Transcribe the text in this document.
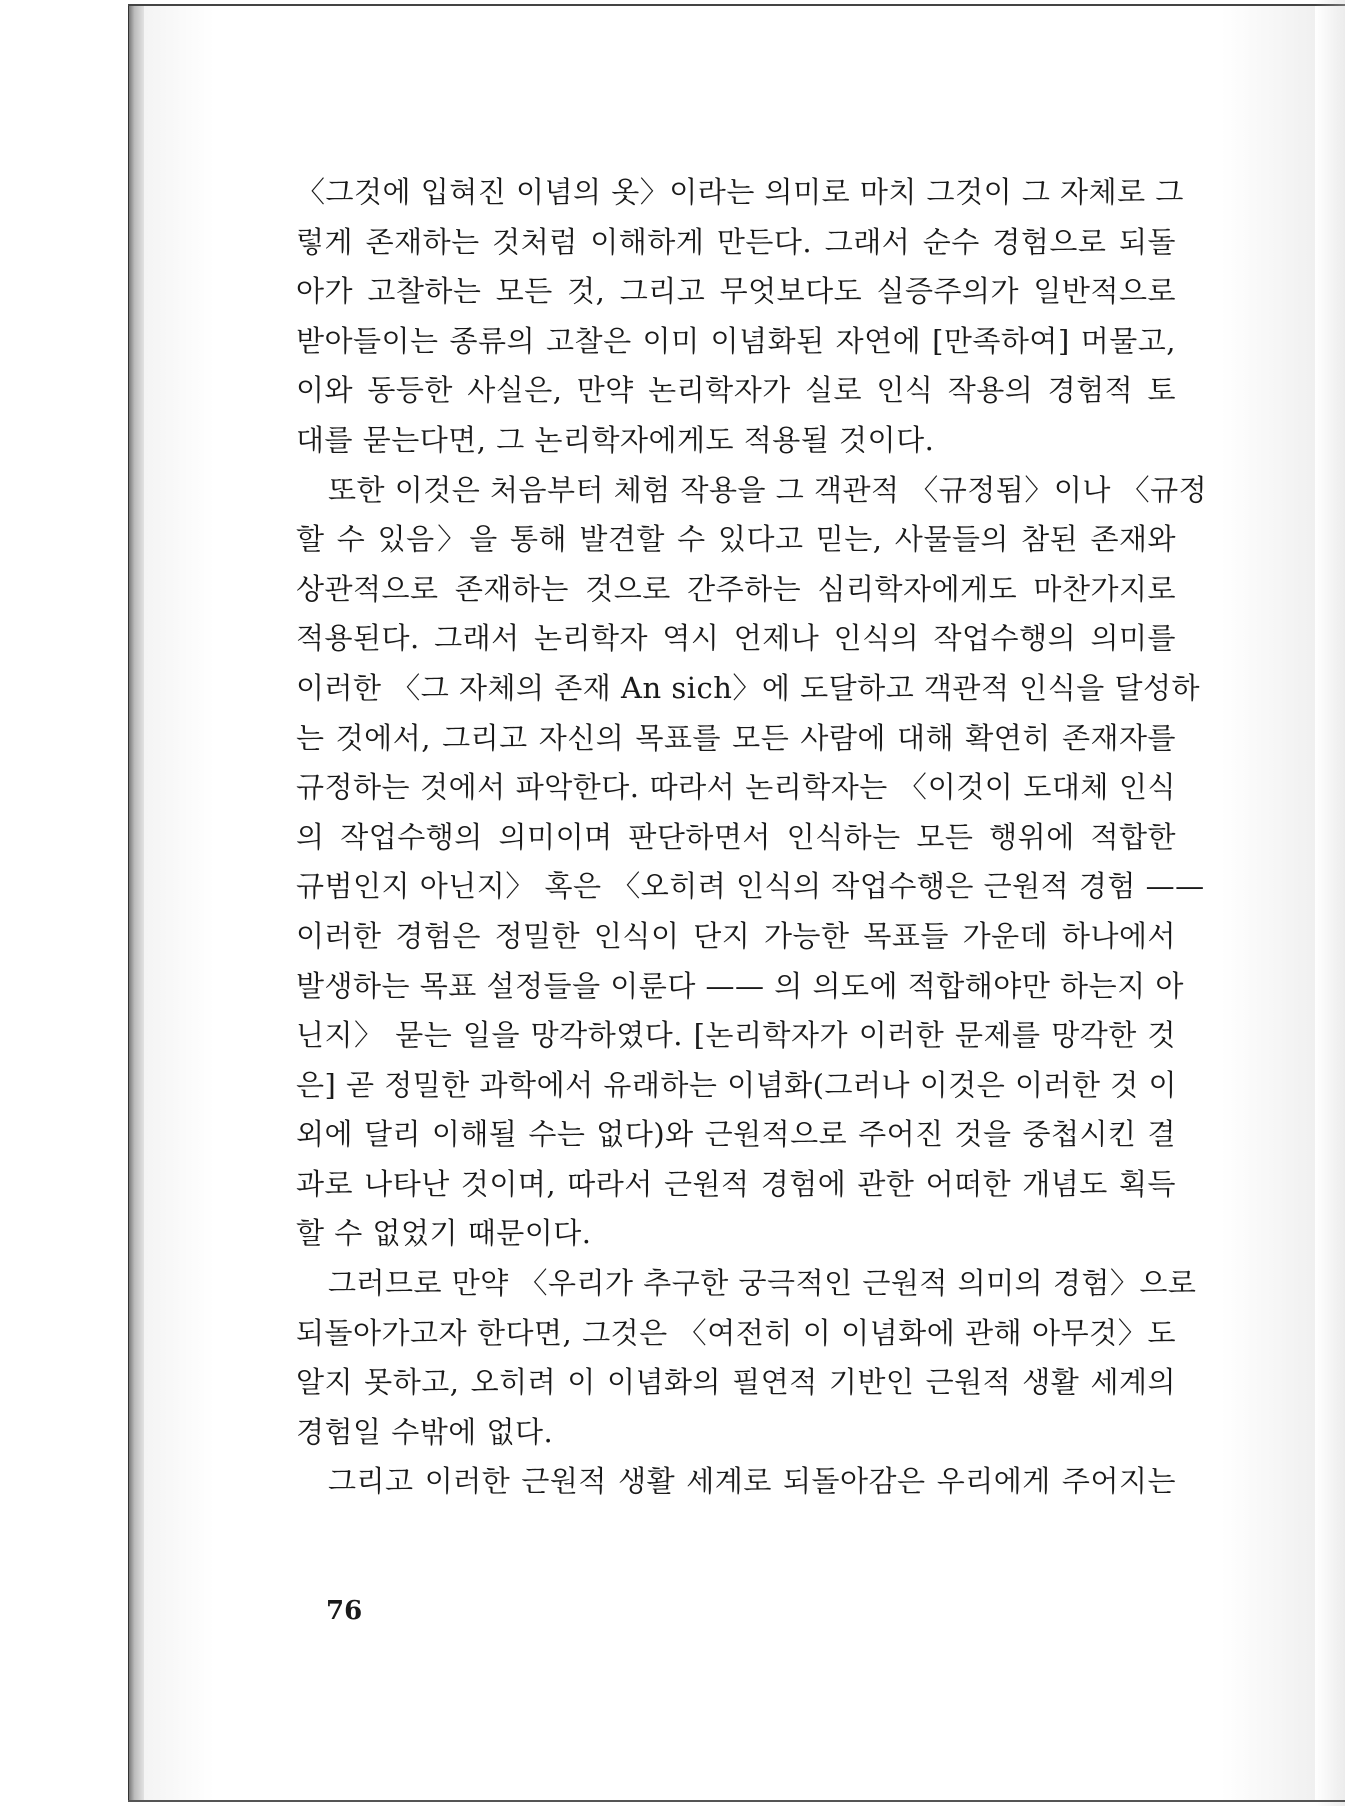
〈그것에 입혀진 이념의 옷〉이라는 의미로 마치 그것이 그 자체로 그
렇게 존재하는 것처럼 이해하게 만든다. 그래서 순수 경험으로 되돌
아가 고찰하는 모든 것, 그리고 무엇보다도 실증주의가 일반적으로
받아들이는 종류의 고찰은 이미 이념화된 자연에 [만족하여] 머물고,
이와 동등한 사실은, 만약 논리학자가 실로 인식 작용의 경험적 토
대를 묻는다면, 그 논리학자에게도 적용될 것이다.
또한 이것은 처음부터 체험 작용을 그 객관적 〈규정됨〉이나 〈규정
할 수 있음〉을 통해 발견할 수 있다고 믿는, 사물들의 참된 존재와
상관적으로 존재하는 것으로 간주하는 심리학자에게도 마찬가지로
적용된다. 그래서 논리학자 역시 언제나 인식의 작업수행의 의미를
이러한 〈그 자체의 존재 An sich〉에 도달하고 객관적 인식을 달성하
는 것에서, 그리고 자신의 목표를 모든 사람에 대해 확연히 존재자를
규정하는 것에서 파악한다. 따라서 논리학자는 〈이것이 도대체 인식
의 작업수행의 의미이며 판단하면서 인식하는 모든 행위에 적합한
규범인지 아닌지〉 혹은 〈오히려 인식의 작업수행은 근원적 경험 ——
이러한 경험은 정밀한 인식이 단지 가능한 목표들 가운데 하나에서
발생하는 목표 설정들을 이룬다 —— 의 의도에 적합해야만 하는지 아
닌지〉 묻는 일을 망각하였다. [논리학자가 이러한 문제를 망각한 것
은] 곧 정밀한 과학에서 유래하는 이념화(그러나 이것은 이러한 것 이
외에 달리 이해될 수는 없다)와 근원적으로 주어진 것을 중첩시킨 결
과로 나타난 것이며, 따라서 근원적 경험에 관한 어떠한 개념도 획득
할 수 없었기 때문이다.
그러므로 만약 〈우리가 추구한 궁극적인 근원적 의미의 경험〉으로
되돌아가고자 한다면, 그것은 〈여전히 이 이념화에 관해 아무것〉도
알지 못하고, 오히려 이 이념화의 필연적 기반인 근원적 생활 세계의
경험일 수밖에 없다.
그리고 이러한 근원적 생활 세계로 되돌아감은 우리에게 주어지는
76
